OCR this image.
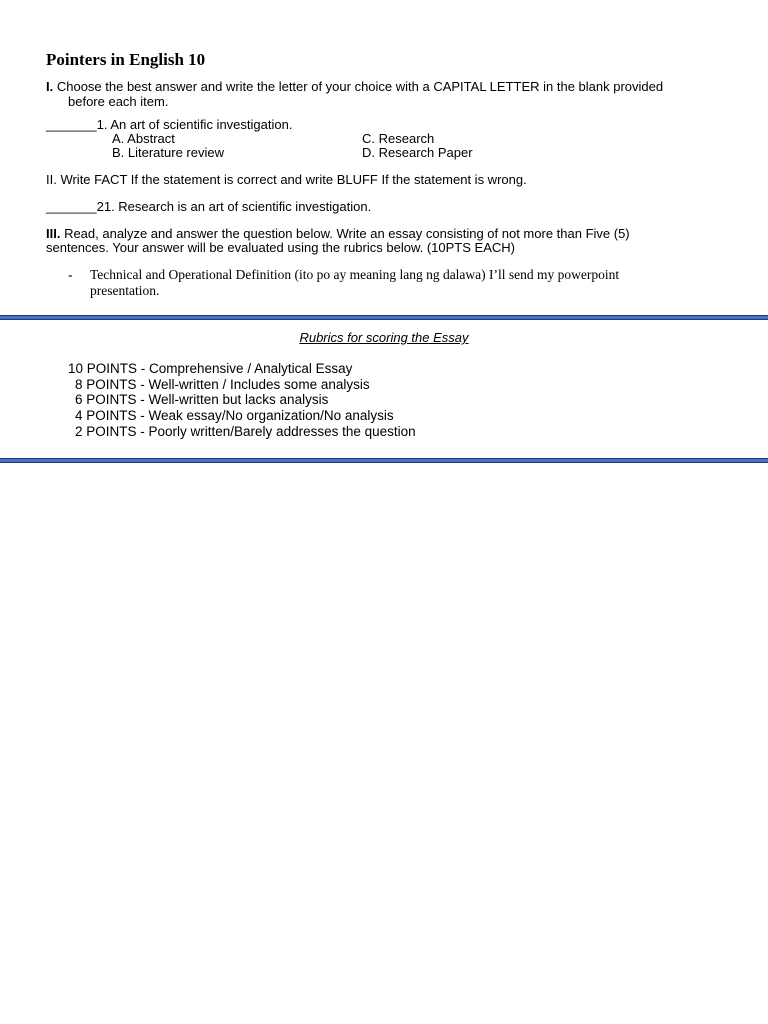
Pointers in English 10
I. Choose the best answer and write the letter of your choice with a CAPITAL LETTER in the blank provided
before each item.
_______1. An art of scientific investigation.
A. Abstract
B. Literature review
C. Research
D. Research Paper
II. Write FACT If the statement is correct and write BLUFF If the statement is wrong.
_______21. Research is an art of scientific investigation.
III. Read, analyze and answer the question below. Write an essay consisting of not more than Five (5)
sentences. Your answer will be evaluated using the rubrics below. (10PTS EACH)
- Technical and Operational Definition (ito po ay meaning lang ng dalawa) I’ll send my powerpoint
presentation.
Rubrics for scoring the Essay
10 POINTS - Comprehensive / Analytical Essay
8 POINTS - Well-written / Includes some analysis
6 POINTS - Well-written but lacks analysis
4 POINTS - Weak essay/No organization/No analysis
2 POINTS - Poorly written/Barely addresses the question
